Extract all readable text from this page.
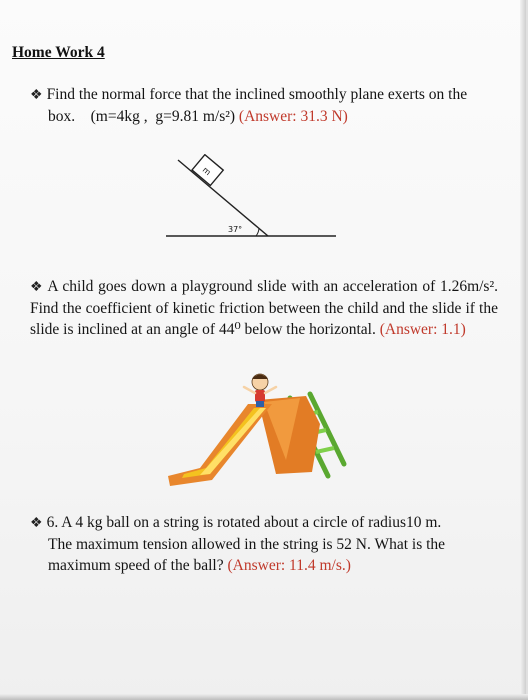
Home Work 4
❖ Find the normal force that the inclined smoothly plane exerts on the
box.    (m=4kg ,  g=9.81 m/s²) (Answer: 31.3 N)
m
37°
❖ A child goes down a playground slide with an acceleration of 1.26m/s². Find the coefficient of kinetic friction between the child and the slide if the slide is inclined at an angle of 44⁰ below the horizontal. (Answer: 1.1)
❖ 6. A 4 kg ball on a string is rotated about a circle of radius10 m.
The maximum tension allowed in the string is 52 N. What is the
maximum speed of the ball? (Answer: 11.4 m/s.)
